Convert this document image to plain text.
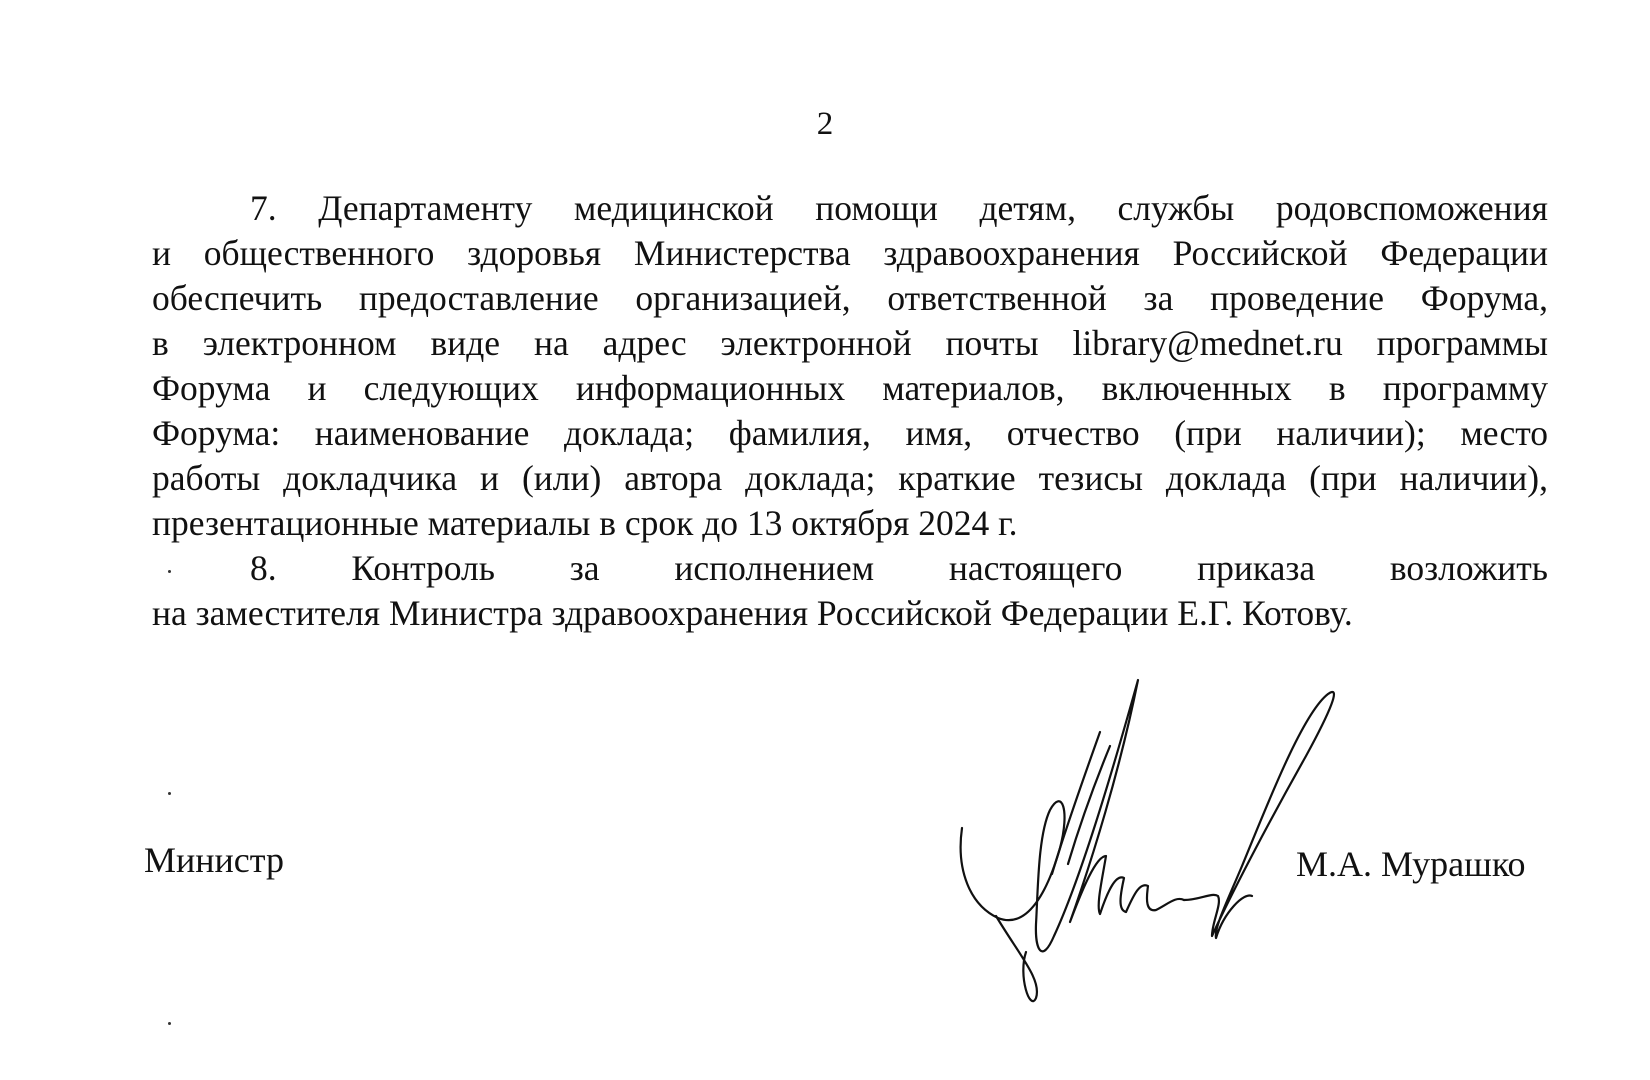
2
7. Департаменту медицинской помощи детям, службы родовспоможения
и общественного здоровья Министерства здравоохранения Российской Федерации
обеспечить предоставление организацией, ответственной за проведение Форума,
в электронном виде на адрес электронной почты library@mednet.ru программы
Форума и следующих информационных материалов, включенных в программу
Форума: наименование доклада; фамилия, имя, отчество (при наличии); место
работы докладчика и (или) автора доклада; краткие тезисы доклада (при наличии),
презентационные материалы в срок до 13 октября 2024 г.
8. Контроль за исполнением настоящего приказа возложить
на заместителя Министра здравоохранения Российской Федерации Е.Г. Котову.
Министр	М.А. Мурашко
